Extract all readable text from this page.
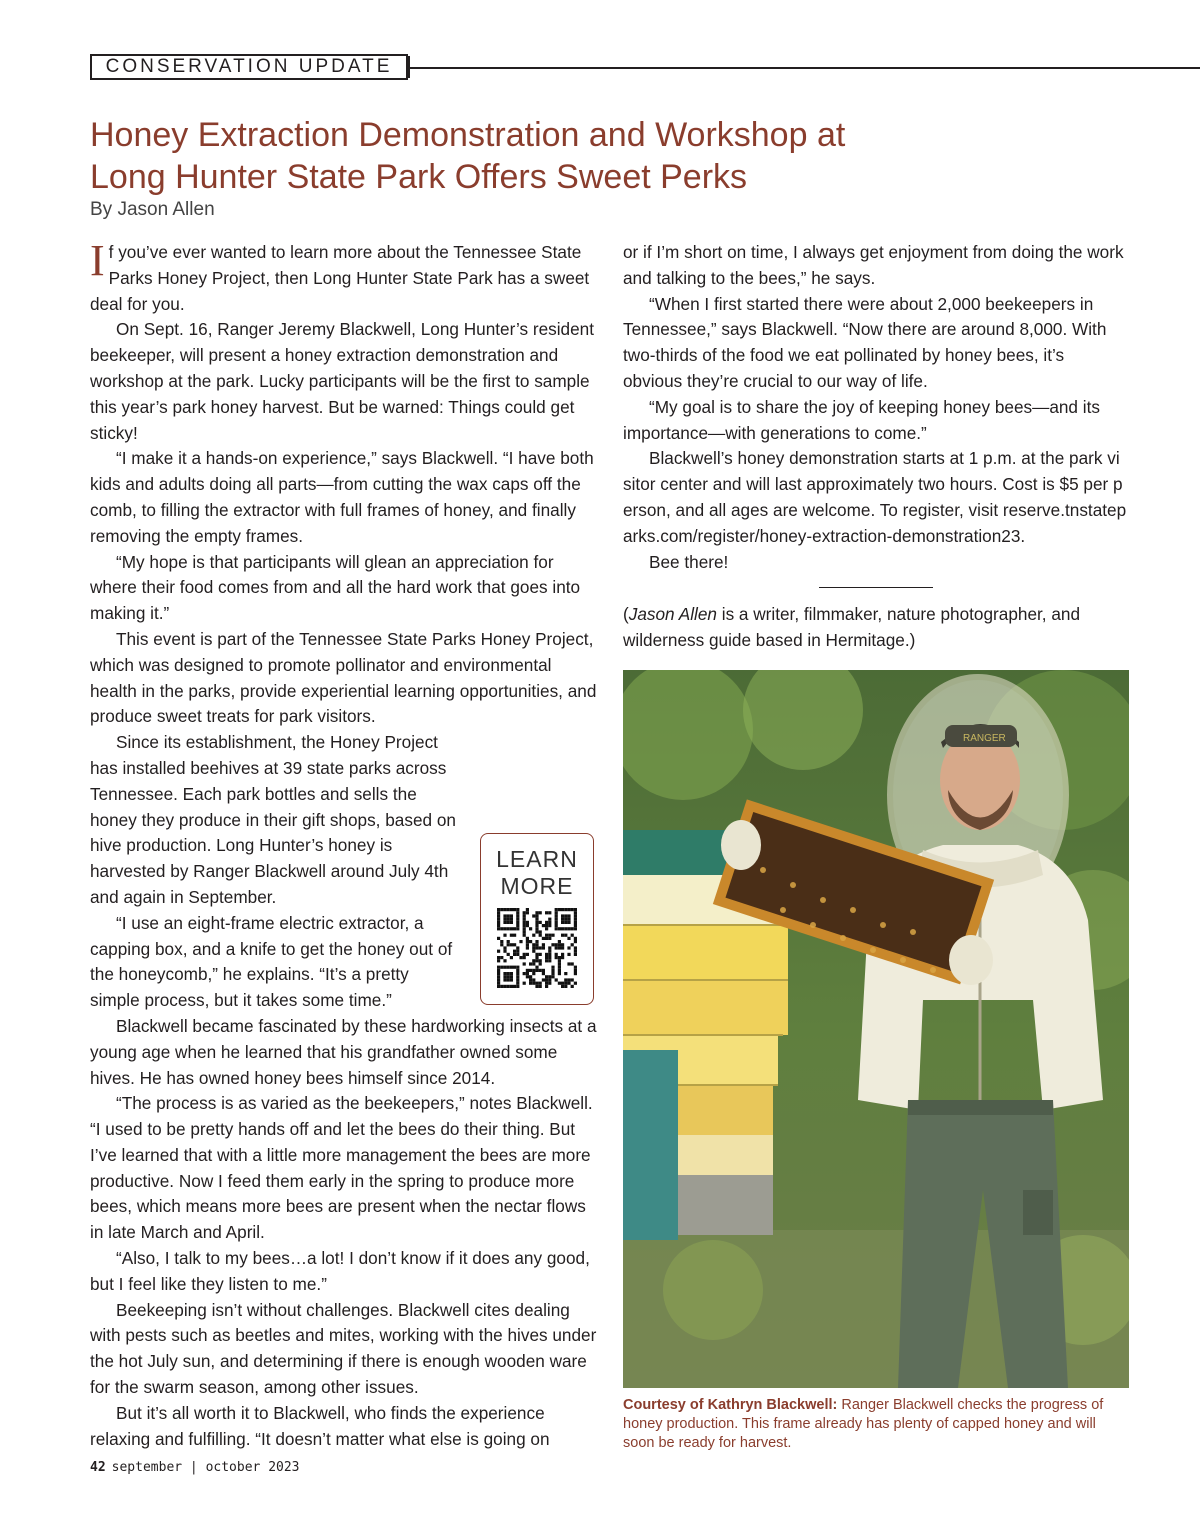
CONSERVATION UPDATE
Honey Extraction Demonstration and Workshop at Long Hunter State Park Offers Sweet Perks
By Jason Allen

If you’ve ever wanted to learn more about the Tennessee State Parks Honey Project, then Long Hunter State Park has a sweet deal for you.

On Sept. 16, Ranger Jeremy Blackwell, Long Hunter’s resident beekeeper, will present a honey extraction demonstration and workshop at the park. Lucky participants will be the first to sample this year’s park honey harvest. But be warned: Things could get sticky!

“I make it a hands-on experience,” says Blackwell. “I have both kids and adults doing all parts—from cutting the wax caps off the comb, to filling the extractor with full frames of honey, and finally removing the empty frames.

“My hope is that participants will glean an appreciation for where their food comes from and all the hard work that goes into making it.”

This event is part of the Tennessee State Parks Honey Project, which was designed to promote pollinator and environmental health in the parks, provide experiential learning opportunities, and produce sweet treats for park visitors.

Since its establishment, the Honey Project has installed beehives at 39 state parks across Tennessee. Each park bottles and sells the honey they produce in their gift shops, based on hive production. Long Hunter’s honey is harvested by Ranger Blackwell around July 4th and again in September.

“I use an eight-frame electric extractor, a capping box, and a knife to get the honey out of the honeycomb,” he explains. “It’s a pretty simple process, but it takes some time.”

Blackwell became fascinated by these hardworking insects at a young age when he learned that his grandfather owned some hives. He has owned honey bees himself since 2014.

“The process is as varied as the beekeepers,” notes Blackwell. “I used to be pretty hands off and let the bees do their thing. But I’ve learned that with a little more management the bees are more productive. Now I feed them early in the spring to produce more bees, which means more bees are present when the nectar flows in late March and April.

“Also, I talk to my bees…a lot! I don’t know if it does any good, but I feel like they listen to me.”

Beekeeping isn’t without challenges. Blackwell cites dealing with pests such as beetles and mites, working with the hives under the hot July sun, and determining if there is enough wooden ware for the swarm season, among other issues.

But it’s all worth it to Blackwell, who finds the experience relaxing and fulfilling. “It doesn’t matter what else is going on

LEARN
MORE

or if I’m short on time, I always get enjoyment from doing the work and talking to the bees,” he says.

“When I first started there were about 2,000 beekeepers in Tennessee,” says Blackwell. “Now there are around 8,000. With two-thirds of the food we eat pollinated by honey bees, it’s obvious they’re crucial to our way of life.

“My goal is to share the joy of keeping honey bees—and its importance—with generations to come.”

Blackwell’s honey demonstration starts at 1 p.m. at the park visitor center and will last approximately two hours. Cost is $5 per person, and all ages are welcome. To register, visit reserve.tnstateparks.com/register/honey-extraction-demonstration23.

Bee there!

(Jason Allen is a writer, filmmaker, nature photographer, and wilderness guide based in Hermitage.)

RANGER
Courtesy of Kathryn Blackwell: Ranger Blackwell checks the progress of honey production. This frame already has plenty of capped honey and will soon be ready for harvest.
42 september | october 2023
